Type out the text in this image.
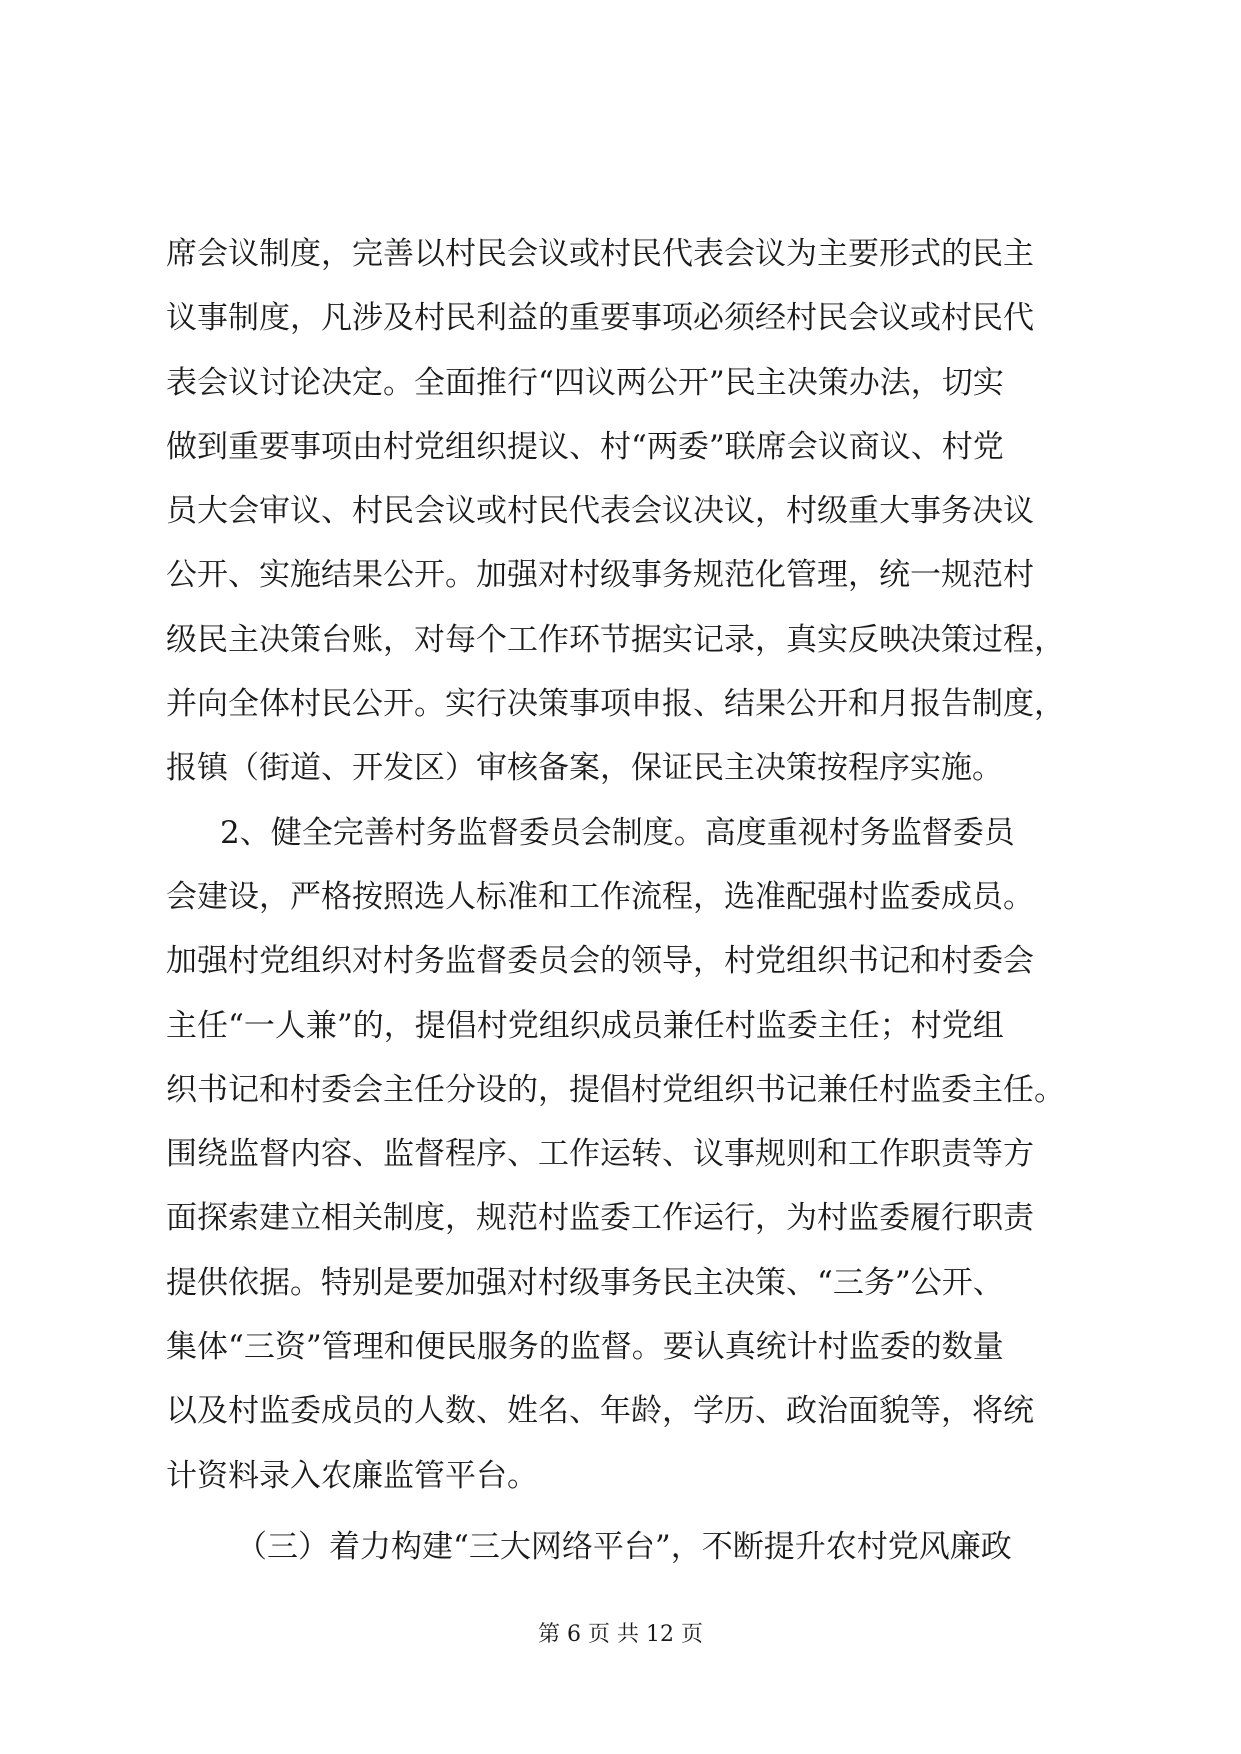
席会议制度，完善以村民会议或村民代表会议为主要形式的民主
议事制度，凡涉及村民利益的重要事项必须经村民会议或村民代
表会议讨论决定。全面推行“四议两公开”民主决策办法，切实
做到重要事项由村党组织提议、村“两委”联席会议商议、村党
员大会审议、村民会议或村民代表会议决议，村级重大事务决议
公开、实施结果公开。加强对村级事务规范化管理，统一规范村
级民主决策台账，对每个工作环节据实记录，真实反映决策过程，
并向全体村民公开。实行决策事项申报、结果公开和月报告制度，
报镇（街道、开发区）审核备案，保证民主决策按程序实施。
2、健全完善村务监督委员会制度。高度重视村务监督委员
会建设，严格按照选人标准和工作流程，选准配强村监委成员。
加强村党组织对村务监督委员会的领导，村党组织书记和村委会
主任“一人兼”的，提倡村党组织成员兼任村监委主任；村党组
织书记和村委会主任分设的，提倡村党组织书记兼任村监委主任。
围绕监督内容、监督程序、工作运转、议事规则和工作职责等方
面探索建立相关制度，规范村监委工作运行，为村监委履行职责
提供依据。特别是要加强对村级事务民主决策、“三务”公开、
集体“三资”管理和便民服务的监督。要认真统计村监委的数量
以及村监委成员的人数、姓名、年龄，学历、政治面貌等，将统
计资料录入农廉监管平台。
（三）着力构建“三大网络平台”，不断提升农村党风廉政
第 6 页 共 12 页
